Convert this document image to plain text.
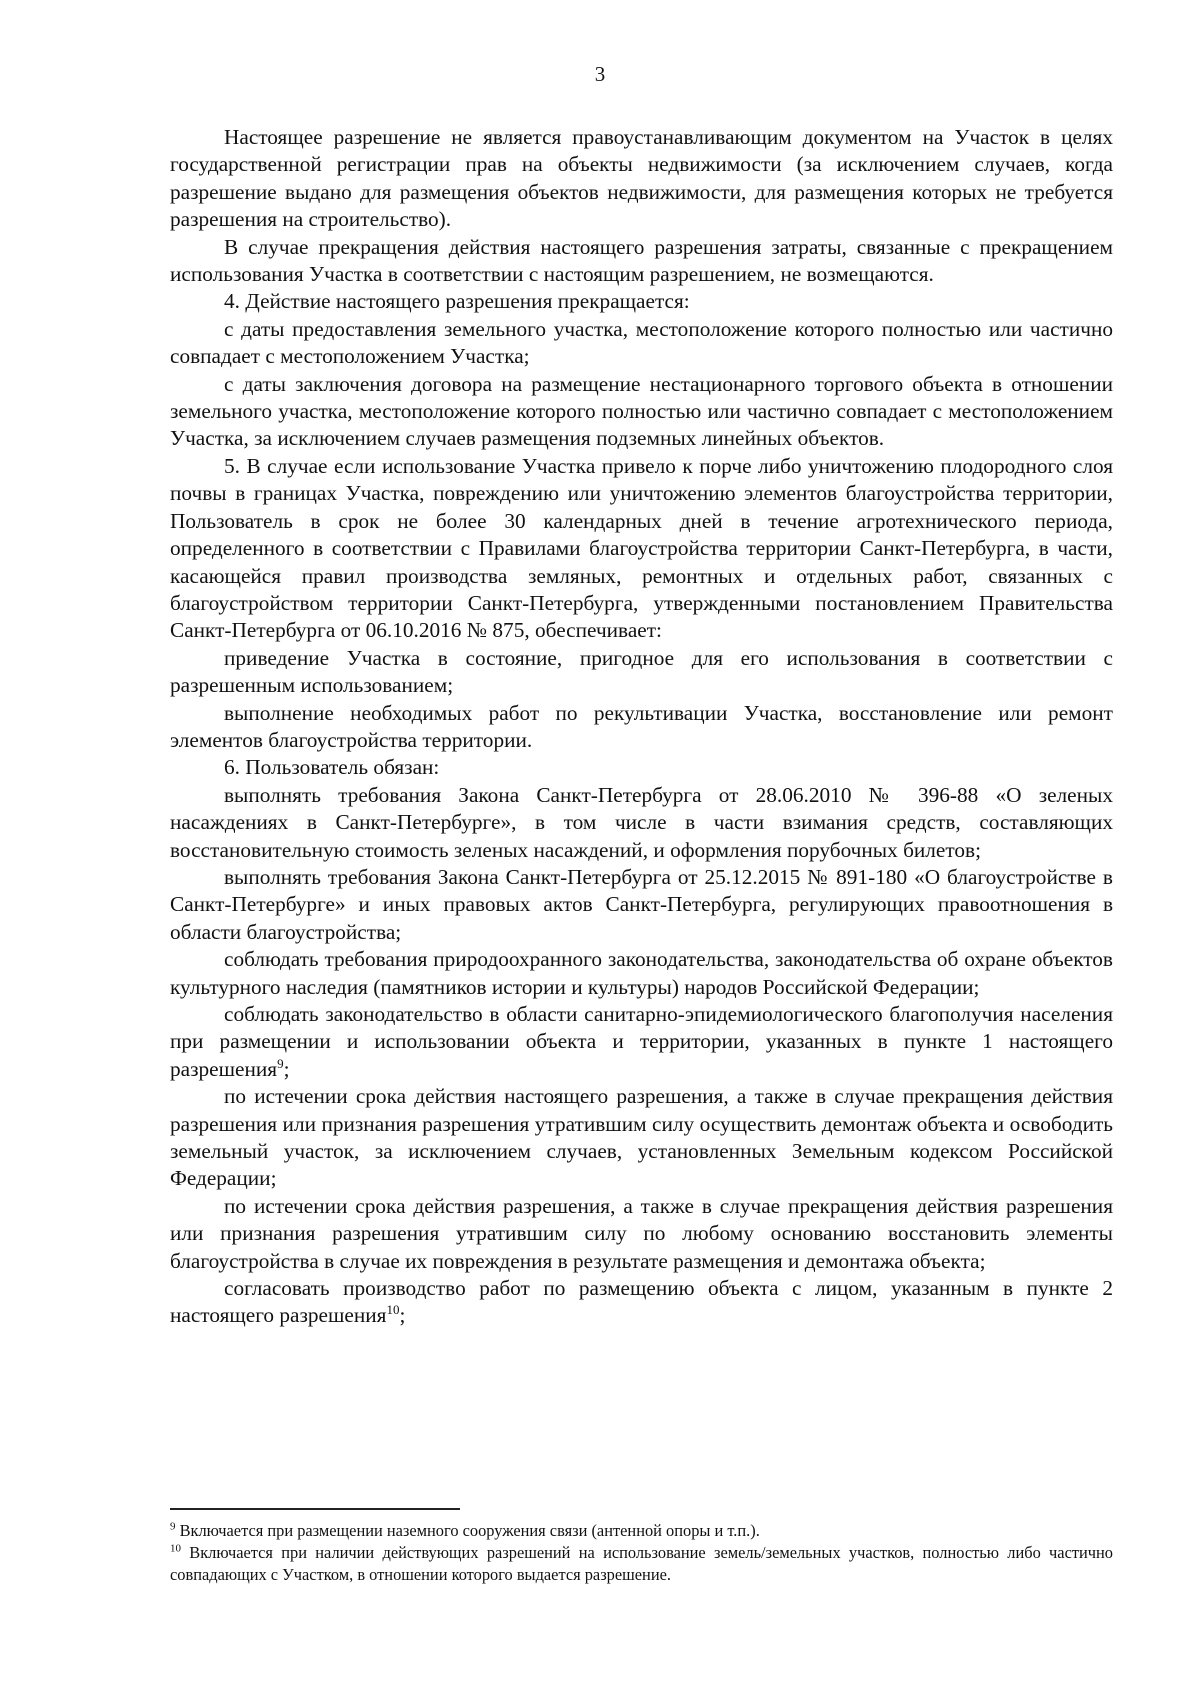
3

Настоящее разрешение не является правоустанавливающим документом на Участок в целях государственной регистрации прав на объекты недвижимости (за исключением случаев, когда разрешение выдано для размещения объектов недвижимости, для размещения которых не требуется разрешения на строительство).

В случае прекращения действия настоящего разрешения затраты, связанные с прекращением использования Участка в соответствии с настоящим разрешением, не возмещаются.

4. Действие настоящего разрешения прекращается:

с даты предоставления земельного участка, местоположение которого полностью или частично совпадает с местоположением Участка;

с даты заключения договора на размещение нестационарного торгового объекта в отношении земельного участка, местоположение которого полностью или частично совпадает с местоположением Участка, за исключением случаев размещения подземных линейных объектов.

5. В случае если использование Участка привело к порче либо уничтожению плодородного слоя почвы в границах Участка, повреждению или уничтожению элементов благоустройства территории, Пользователь в срок не более 30 календарных дней в течение агротехнического периода, определенного в соответствии с Правилами благоустройства территории Санкт-Петербурга, в части, касающейся правил производства земляных, ремонтных и отдельных работ, связанных с благоустройством территории Санкт-Петербурга, утвержденными постановлением Правительства Санкт-Петербурга от 06.10.2016 № 875, обеспечивает:

приведение Участка в состояние, пригодное для его использования в соответствии с разрешенным использованием;

выполнение необходимых работ по рекультивации Участка, восстановление или ремонт элементов благоустройства территории.

6. Пользователь обязан:

выполнять требования Закона Санкт-Петербурга от 28.06.2010 № 396-88 «О зеленых насаждениях в Санкт-Петербурге», в том числе в части взимания средств, составляющих восстановительную стоимость зеленых насаждений, и оформления порубочных билетов;

выполнять требования Закона Санкт-Петербурга от 25.12.2015 № 891-180 «О благоустройстве в Санкт-Петербурге» и иных правовых актов Санкт-Петербурга, регулирующих правоотношения в области благоустройства;

соблюдать требования природоохранного законодательства, законодательства об охране объектов культурного наследия (памятников истории и культуры) народов Российской Федерации;

соблюдать законодательство в области санитарно-эпидемиологического благополучия населения при размещении и использовании объекта и территории, указанных в пункте 1 настоящего разрешения$^9$;

по истечении срока действия настоящего разрешения, а также в случае прекращения действия разрешения или признания разрешения утратившим силу осуществить демонтаж объекта и освободить земельный участок, за исключением случаев, установленных Земельным кодексом Российской Федерации;

по истечении срока действия разрешения, а также в случае прекращения действия разрешения или признания разрешения утратившим силу по любому основанию восстановить элементы благоустройства в случае их повреждения в результате размещения и демонтажа объекта;

согласовать производство работ по размещению объекта с лицом, указанным в пункте 2 настоящего разрешения$^{10}$;

$^9$ Включается при размещении наземного сооружения связи (антенной опоры и т.п.).

$^{10}$ Включается при наличии действующих разрешений на использование земель/земельных участков, полностью либо частично совпадающих с Участком, в отношении которого выдается разрешение.
